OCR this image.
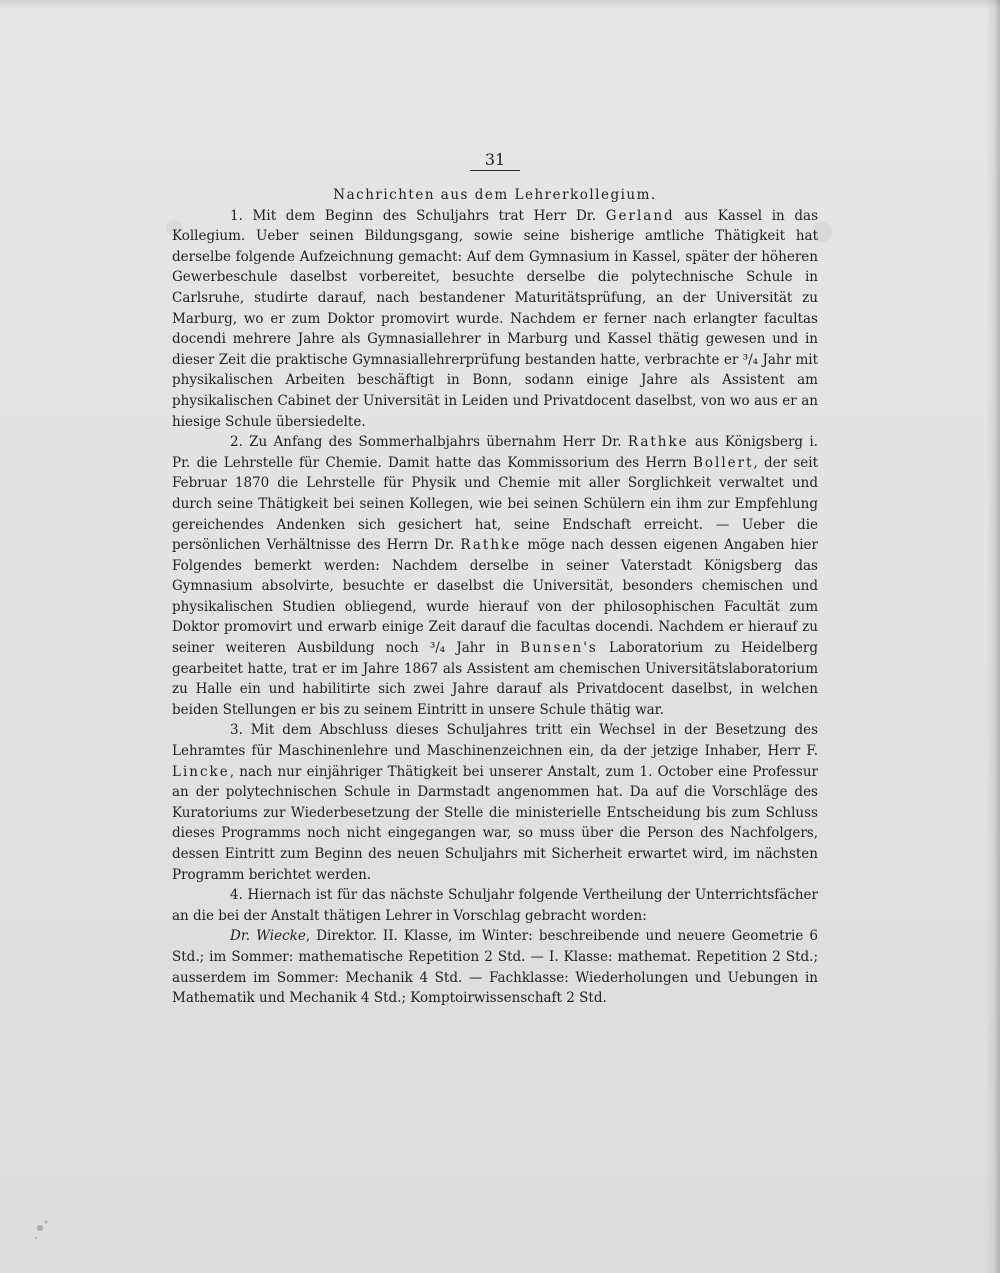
31
Nachrichten aus dem Lehrerkollegium.

1. Mit dem Beginn des Schuljahrs trat Herr Dr. Gerland aus Kassel in das Kollegium. Ueber seinen Bildungsgang, sowie seine bisherige amtliche Thätigkeit hat derselbe folgende Aufzeichnung gemacht: Auf dem Gymnasium in Kassel, später der höheren Gewerbeschule daselbst vorbereitet, besuchte derselbe die polytechnische Schule in Carlsruhe, studirte darauf, nach bestandener Maturitätsprüfung, an der Universität zu Marburg, wo er zum Doktor promovirt wurde. Nachdem er ferner nach erlangter facultas docendi mehrere Jahre als Gymnasiallehrer in Marburg und Kassel thätig gewesen und in dieser Zeit die praktische Gymnasiallehrerprüfung bestanden hatte, verbrachte er ³/₄ Jahr mit physikalischen Arbeiten beschäftigt in Bonn, sodann einige Jahre als Assistent am physikalischen Cabinet der Universität in Leiden und Privatdocent daselbst, von wo aus er an hiesige Schule übersiedelte.

2. Zu Anfang des Sommerhalbjahrs übernahm Herr Dr. Rathke aus Königsberg i. Pr. die Lehrstelle für Chemie. Damit hatte das Kommissorium des Herrn Bollert, der seit Februar 1870 die Lehrstelle für Physik und Chemie mit aller Sorglichkeit verwaltet und durch seine Thätigkeit bei seinen Kollegen, wie bei seinen Schülern ein ihm zur Empfehlung gereichendes Andenken sich gesichert hat, seine Endschaft erreicht. — Ueber die persönlichen Verhältnisse des Herrn Dr. Rathke möge nach dessen eigenen Angaben hier Folgendes bemerkt werden: Nachdem derselbe in seiner Vaterstadt Königsberg das Gymnasium absolvirte, besuchte er daselbst die Universität, besonders chemischen und physikalischen Studien obliegend, wurde hierauf von der philosophischen Facultät zum Doktor promovirt und erwarb einige Zeit darauf die facultas docendi. Nachdem er hierauf zu seiner weiteren Ausbildung noch ³/₄ Jahr in Bunsen's Laboratorium zu Heidelberg gearbeitet hatte, trat er im Jahre 1867 als Assistent am chemischen Universitätslaboratorium zu Halle ein und habilitirte sich zwei Jahre darauf als Privatdocent daselbst, in welchen beiden Stellungen er bis zu seinem Eintritt in unsere Schule thätig war.

3. Mit dem Abschluss dieses Schuljahres tritt ein Wechsel in der Besetzung des Lehramtes für Maschinenlehre und Maschinenzeichnen ein, da der jetzige Inhaber, Herr F. Lincke, nach nur einjähriger Thätigkeit bei unserer Anstalt, zum 1. October eine Professur an der polytechnischen Schule in Darmstadt angenommen hat. Da auf die Vorschläge des Kuratoriums zur Wiederbesetzung der Stelle die ministerielle Entscheidung bis zum Schluss dieses Programms noch nicht eingegangen war, so muss über die Person des Nachfolgers, dessen Eintritt zum Beginn des neuen Schuljahrs mit Sicherheit erwartet wird, im nächsten Programm berichtet werden.

4. Hiernach ist für das nächste Schuljahr folgende Vertheilung der Unterrichtsfächer an die bei der Anstalt thätigen Lehrer in Vorschlag gebracht worden:

Dr. Wiecke, Direktor. II. Klasse, im Winter: beschreibende und neuere Geometrie 6 Std.; im Sommer: mathematische Repetition 2 Std. — I. Klasse: mathemat. Repetition 2 Std.; ausserdem im Sommer: Mechanik 4 Std. — Fachklasse: Wiederholungen und Uebungen in Mathematik und Mechanik 4 Std.; Komptoirwissenschaft 2 Std.
